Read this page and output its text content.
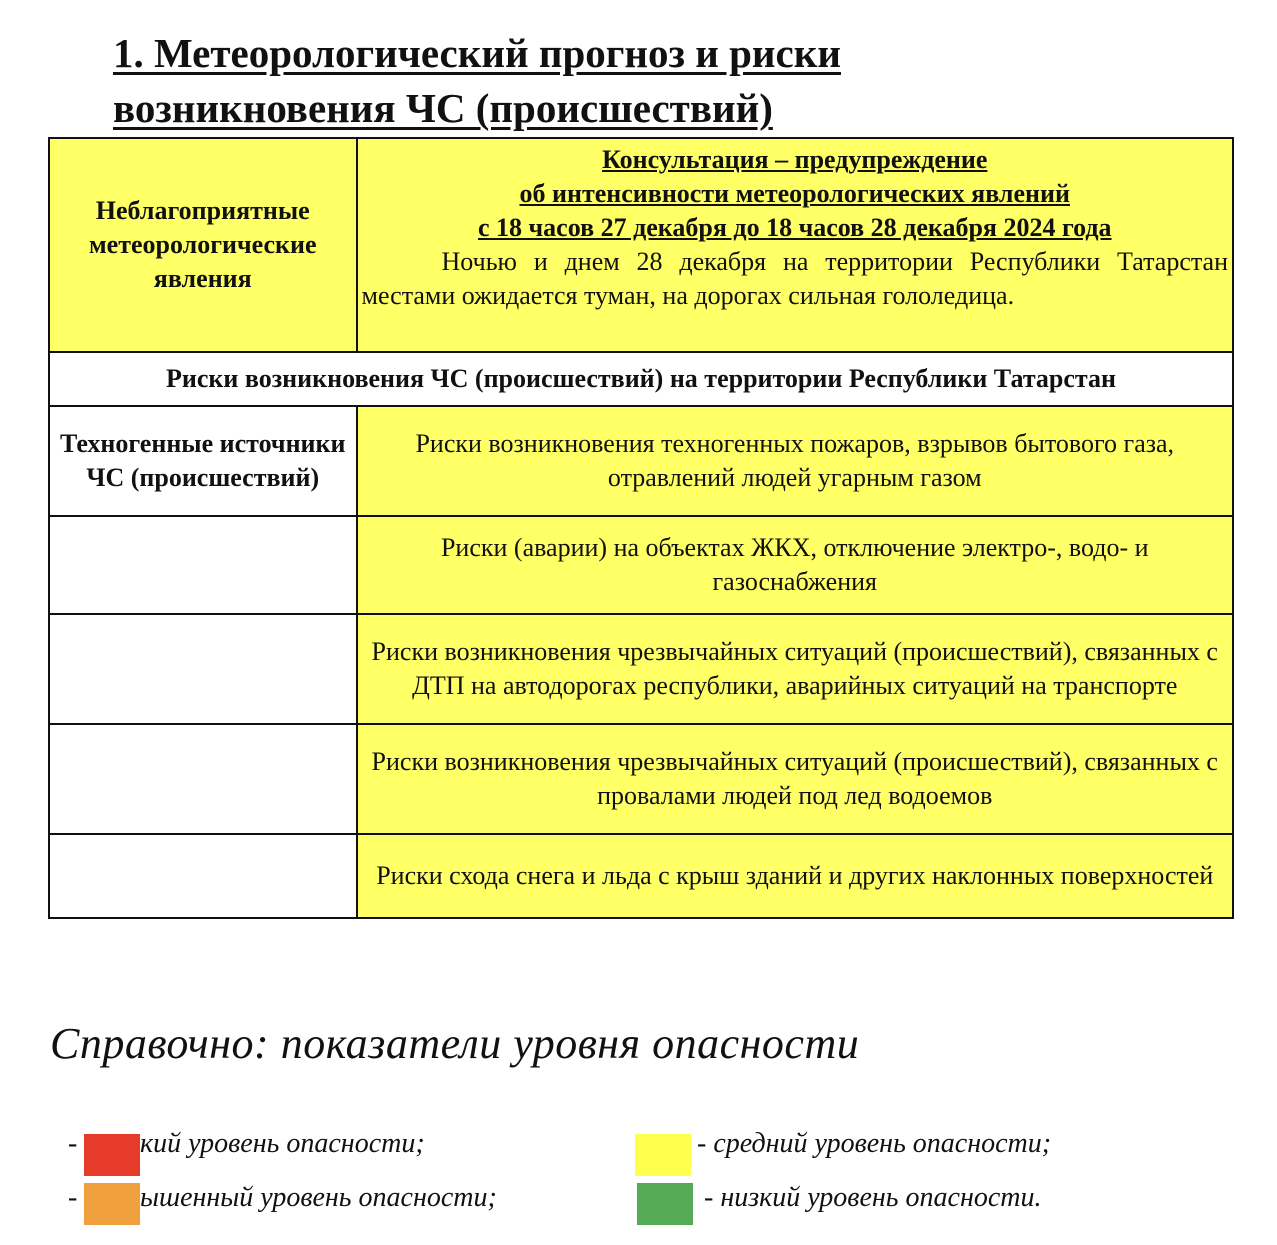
1. Метеорологический прогноз и риски возникновения ЧС (происшествий)
Неблагоприятные метеорологические явления	Консультация – предупреждение
об интенсивности метеорологических явлений
с 18 часов 27 декабря до 18 часов 28 декабря 2024 года
Ночью и днем 28 декабря на территории Республики Татарстан местами ожидается туман, на дорогах сильная гололедица.

Риски возникновения ЧС (происшествий) на территории Республики Татарстан	
Техногенные источники ЧС (происшествий)	Риски возникновения техногенных пожаров, взрывов бытового газа, отравлений людей угарным газом
	Риски (аварии) на объектах ЖКХ, отключение электро-, водо- и газоснабжения
	Риски возникновения чрезвычайных ситуаций (происшествий), связанных с ДТП на автодорогах республики, аварийных ситуаций на транспорте
	Риски возникновения чрезвычайных ситуаций (происшествий), связанных с провалами людей под лед водоемов
	Риски схода снега и льда с крыш зданий и других наклонных поверхностей
Справочно: показатели уровня опасности
- кий уровень опасности;
- ышенный уровень опасности;
- средний уровень опасности;
- низкий уровень опасности.
